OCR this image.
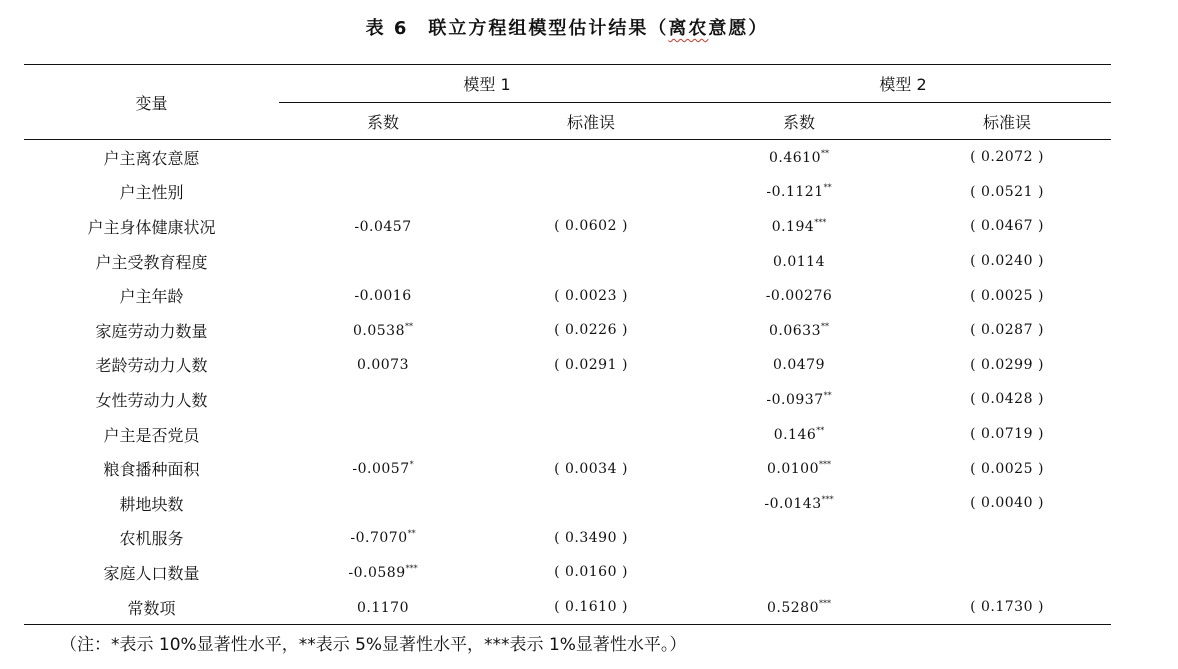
表 6　联立方程组模型估计结果（离农意愿）
变量	模型 1		模型 2	
	系数	标准误	系数	标准误
户主离农意愿			0.4610**	( 0.2072 )
户主性别			-0.1121**	( 0.0521 )
户主身体健康状况	-0.0457	( 0.0602 )	0.194***	( 0.0467 )
户主受教育程度			0.0114	( 0.0240 )
户主年龄	-0.0016	( 0.0023 )	-0.00276	( 0.0025 )
家庭劳动力数量	0.0538**	( 0.0226 )	0.0633**	( 0.0287 )
老龄劳动力人数	0.0073	( 0.0291 )	0.0479	( 0.0299 )
女性劳动力人数			-0.0937**	( 0.0428 )
户主是否党员			0.146**	( 0.0719 )
粮食播种面积	-0.0057*	( 0.0034 )	0.0100***	( 0.0025 )
耕地块数			-0.0143***	( 0.0040 )
农机服务	-0.7070**	( 0.3490 )		
家庭人口数量	-0.0589***	( 0.0160 )		
常数项	0.1170	( 0.1610 )	0.5280***	( 0.1730 )
（注：*表示 10%显著性水平，**表示 5%显著性水平，***表示 1%显著性水平。）
